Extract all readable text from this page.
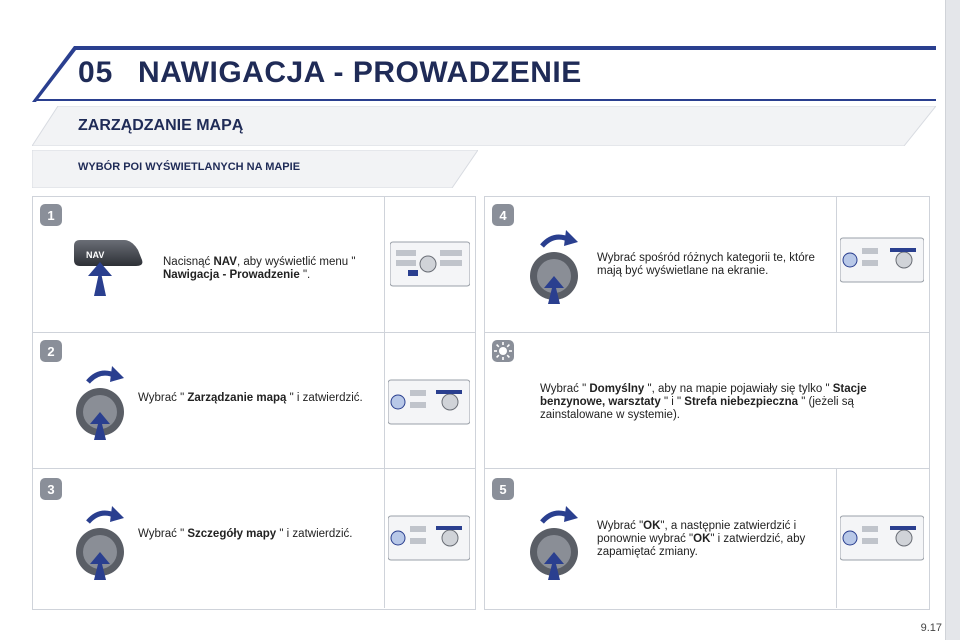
05 NAWIGACJA - PROWADZENIE
ZARZĄDZANIE MAPĄ
WYBÓR POI WYŚWIETLANYCH NA MAPIE
1
NAV
Nacisnąć NAV, aby wyświetlić menu " Nawigacja - Prowadzenie ".
2
Wybrać " Zarządzanie mapą " i zatwierdzić.
3
Wybrać " Szczegóły mapy " i zatwierdzić.
4
Wybrać spośród różnych kategorii te, które mają być wyświetlane na ekranie.
Wybrać " Domyślny ", aby na mapie pojawiały się tylko " Stacje benzynowe, warsztaty " i " Strefa niebezpieczna " (jeżeli są zainstalowane w systemie).
5
Wybrać "OK", a następnie zatwierdzić i ponownie wybrać "OK" i zatwierdzić, aby zapamiętać zmiany.
9.17
